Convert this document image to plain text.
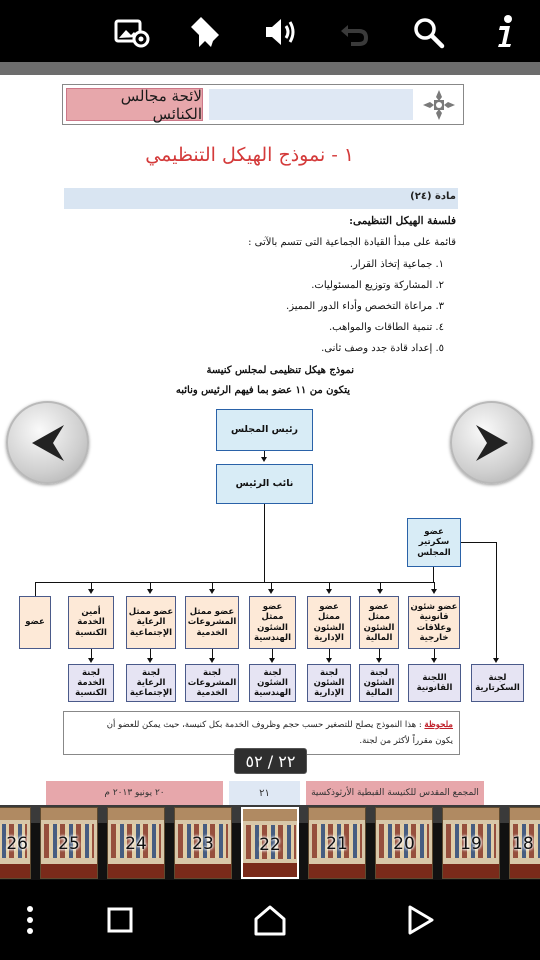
لائحة مجالس الكنائس
١ - نموذج الهيكل التنظيمي
مادة (٢٤)
فلسفة الهيكل التنظيمى:
قائمة على مبدأ القيادة الجماعية التى تتسم بالآتى :
١. جماعية إتخاذ القرار.
٢. المشاركة وتوزيع المسئوليات.
٣. مراعاة التخصص وأداء الدور المميز.
٤. تنمية الطاقات والمواهب.
٥. إعداد قادة جدد وصف ثانى.
نموذج هيكل تنظيمى لمجلس كنيسة
يتكون من ١١ عضو بما فيهم الرئيس ونائبه
رئيس المجلس
نائب الرئيس
عضو سكرتير المجلس
عضو شئون قانونية وعلاقات خارجية
عضو ممثل الشئون المالية
عضو ممثل الشئون الإدارية
عضو ممثل الشئون الهندسية
عضو ممثل المشروعات الخدمية
عضو ممثل الرعاية الإجتماعية
أمين الخدمة الكنسية
عضو
لجنة السكرتارية
اللجنة القانونية
لجنة الشئون المالية
لجنة الشئون الإدارية
لجنة الشئون الهندسية
لجنة المشروعات الخدمية
لجنة الرعاية الإجتماعية
لجنة الخدمة الكنسية
ملحوظة : هذا النموذج يصلح للتصغير حسب حجم وظروف الخدمة بكل كنيسة، حيث يمكن للعضو أن
يكون مقرراً لأكثر من لجنة.
٢٢ / ٥٢
٢٠ يونيو ٢٠١٣ م	٢١	المجمع المقدس للكنيسة القبطية الأرثوذكسية
26	25	24	23	22	21	20	19	18
